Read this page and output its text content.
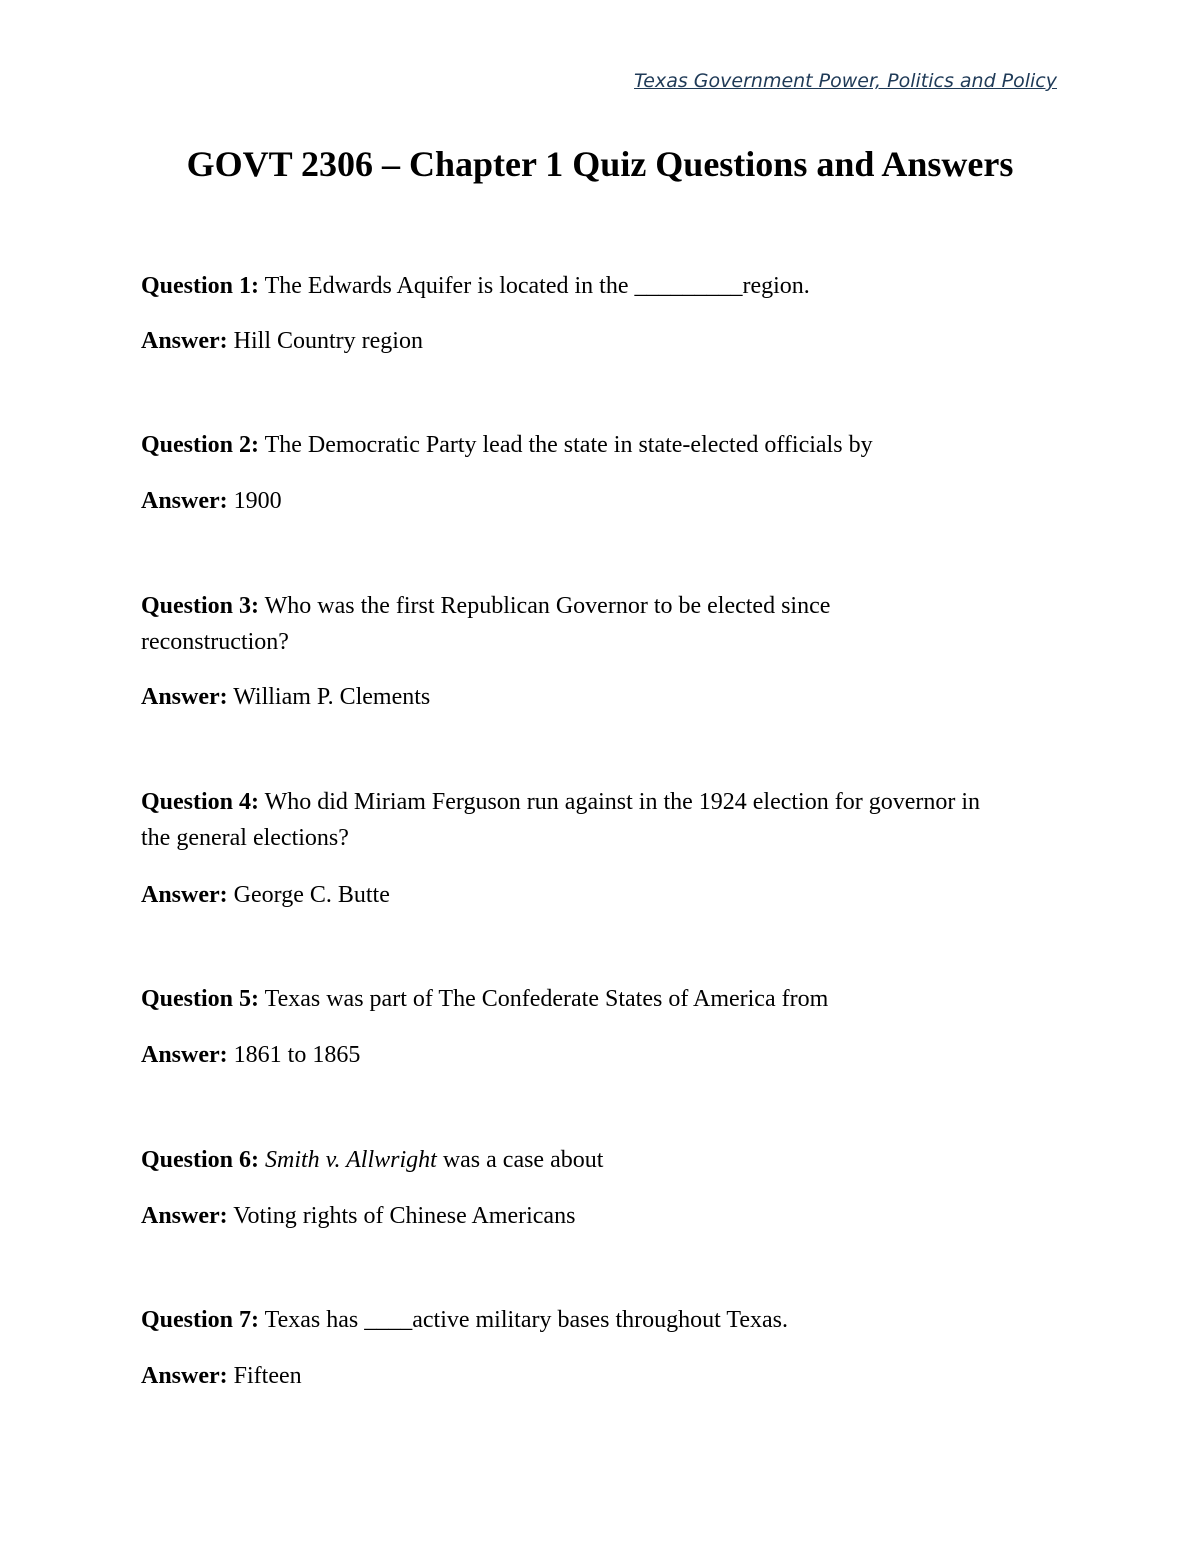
Texas Government Power, Politics and Policy
GOVT 2306 – Chapter 1 Quiz Questions and Answers
Question 1: The Edwards Aquifer is located in the _________region.
Answer: Hill Country region
Question 2: The Democratic Party lead the state in state-elected officials by
Answer: 1900
Question 3: Who was the first Republican Governor to be elected since reconstruction?
Answer: William P. Clements
Question 4: Who did Miriam Ferguson run against in the 1924 election for governor in the general elections?
Answer: George C. Butte
Question 5: Texas was part of The Confederate States of America from
Answer: 1861 to 1865
Question 6: Smith v. Allwright was a case about
Answer: Voting rights of Chinese Americans
Question 7: Texas has ____active military bases throughout Texas.
Answer: Fifteen
